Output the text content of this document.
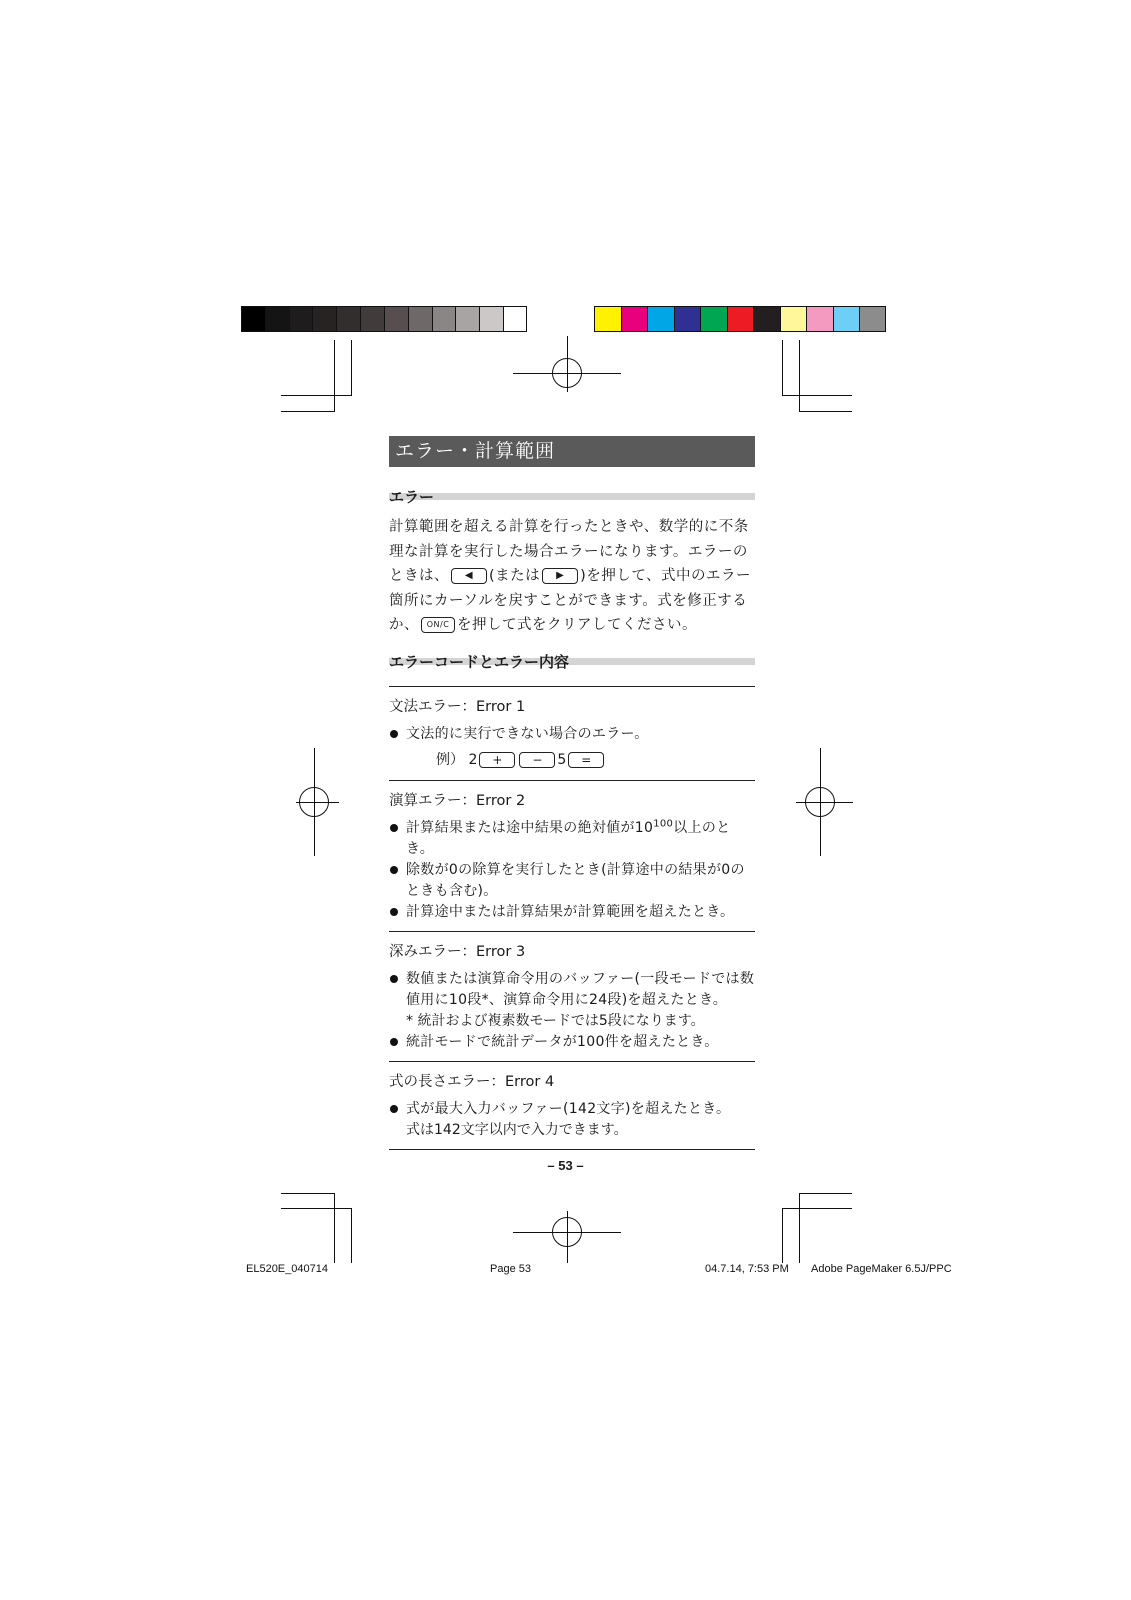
エラー・計算範囲
エラー
計算範囲を超える計算を行ったときや、数学的に不条
理な計算を実行した場合エラーになります。エラーの
ときは、 ◀ (または ▶ )を押して、式中のエラー
箇所にカーソルを戻すことができます。式を修正する
か、 ON/C を押して式をクリアしてください。
エラーコードとエラー内容
文法エラー：Error 1
文法的に実行できない場合のエラー。
例） 2 + − 5 =
演算エラー：Error 2
計算結果または途中結果の絶対値が$10^{100}$以上のとき。
除数が0の除算を実行したとき(計算途中の結果が0のときも含む)。
計算途中または計算結果が計算範囲を超えたとき。
深みエラー：Error 3
数値または演算命令用のバッファー(一段モードでは数値用に10段*、演算命令用に24段)を超えたとき。
* 統計および複素数モードでは5段になります。
統計モードで統計データが100件を超えたとき。
式の長さエラー：Error 4
式が最大入力バッファー(142文字)を超えたとき。
式は142文字以内で入力できます。
– 53 –
EL520E_040714	Page 53	04.7.14, 7:53 PM Adobe PageMaker 6.5J/PPC
